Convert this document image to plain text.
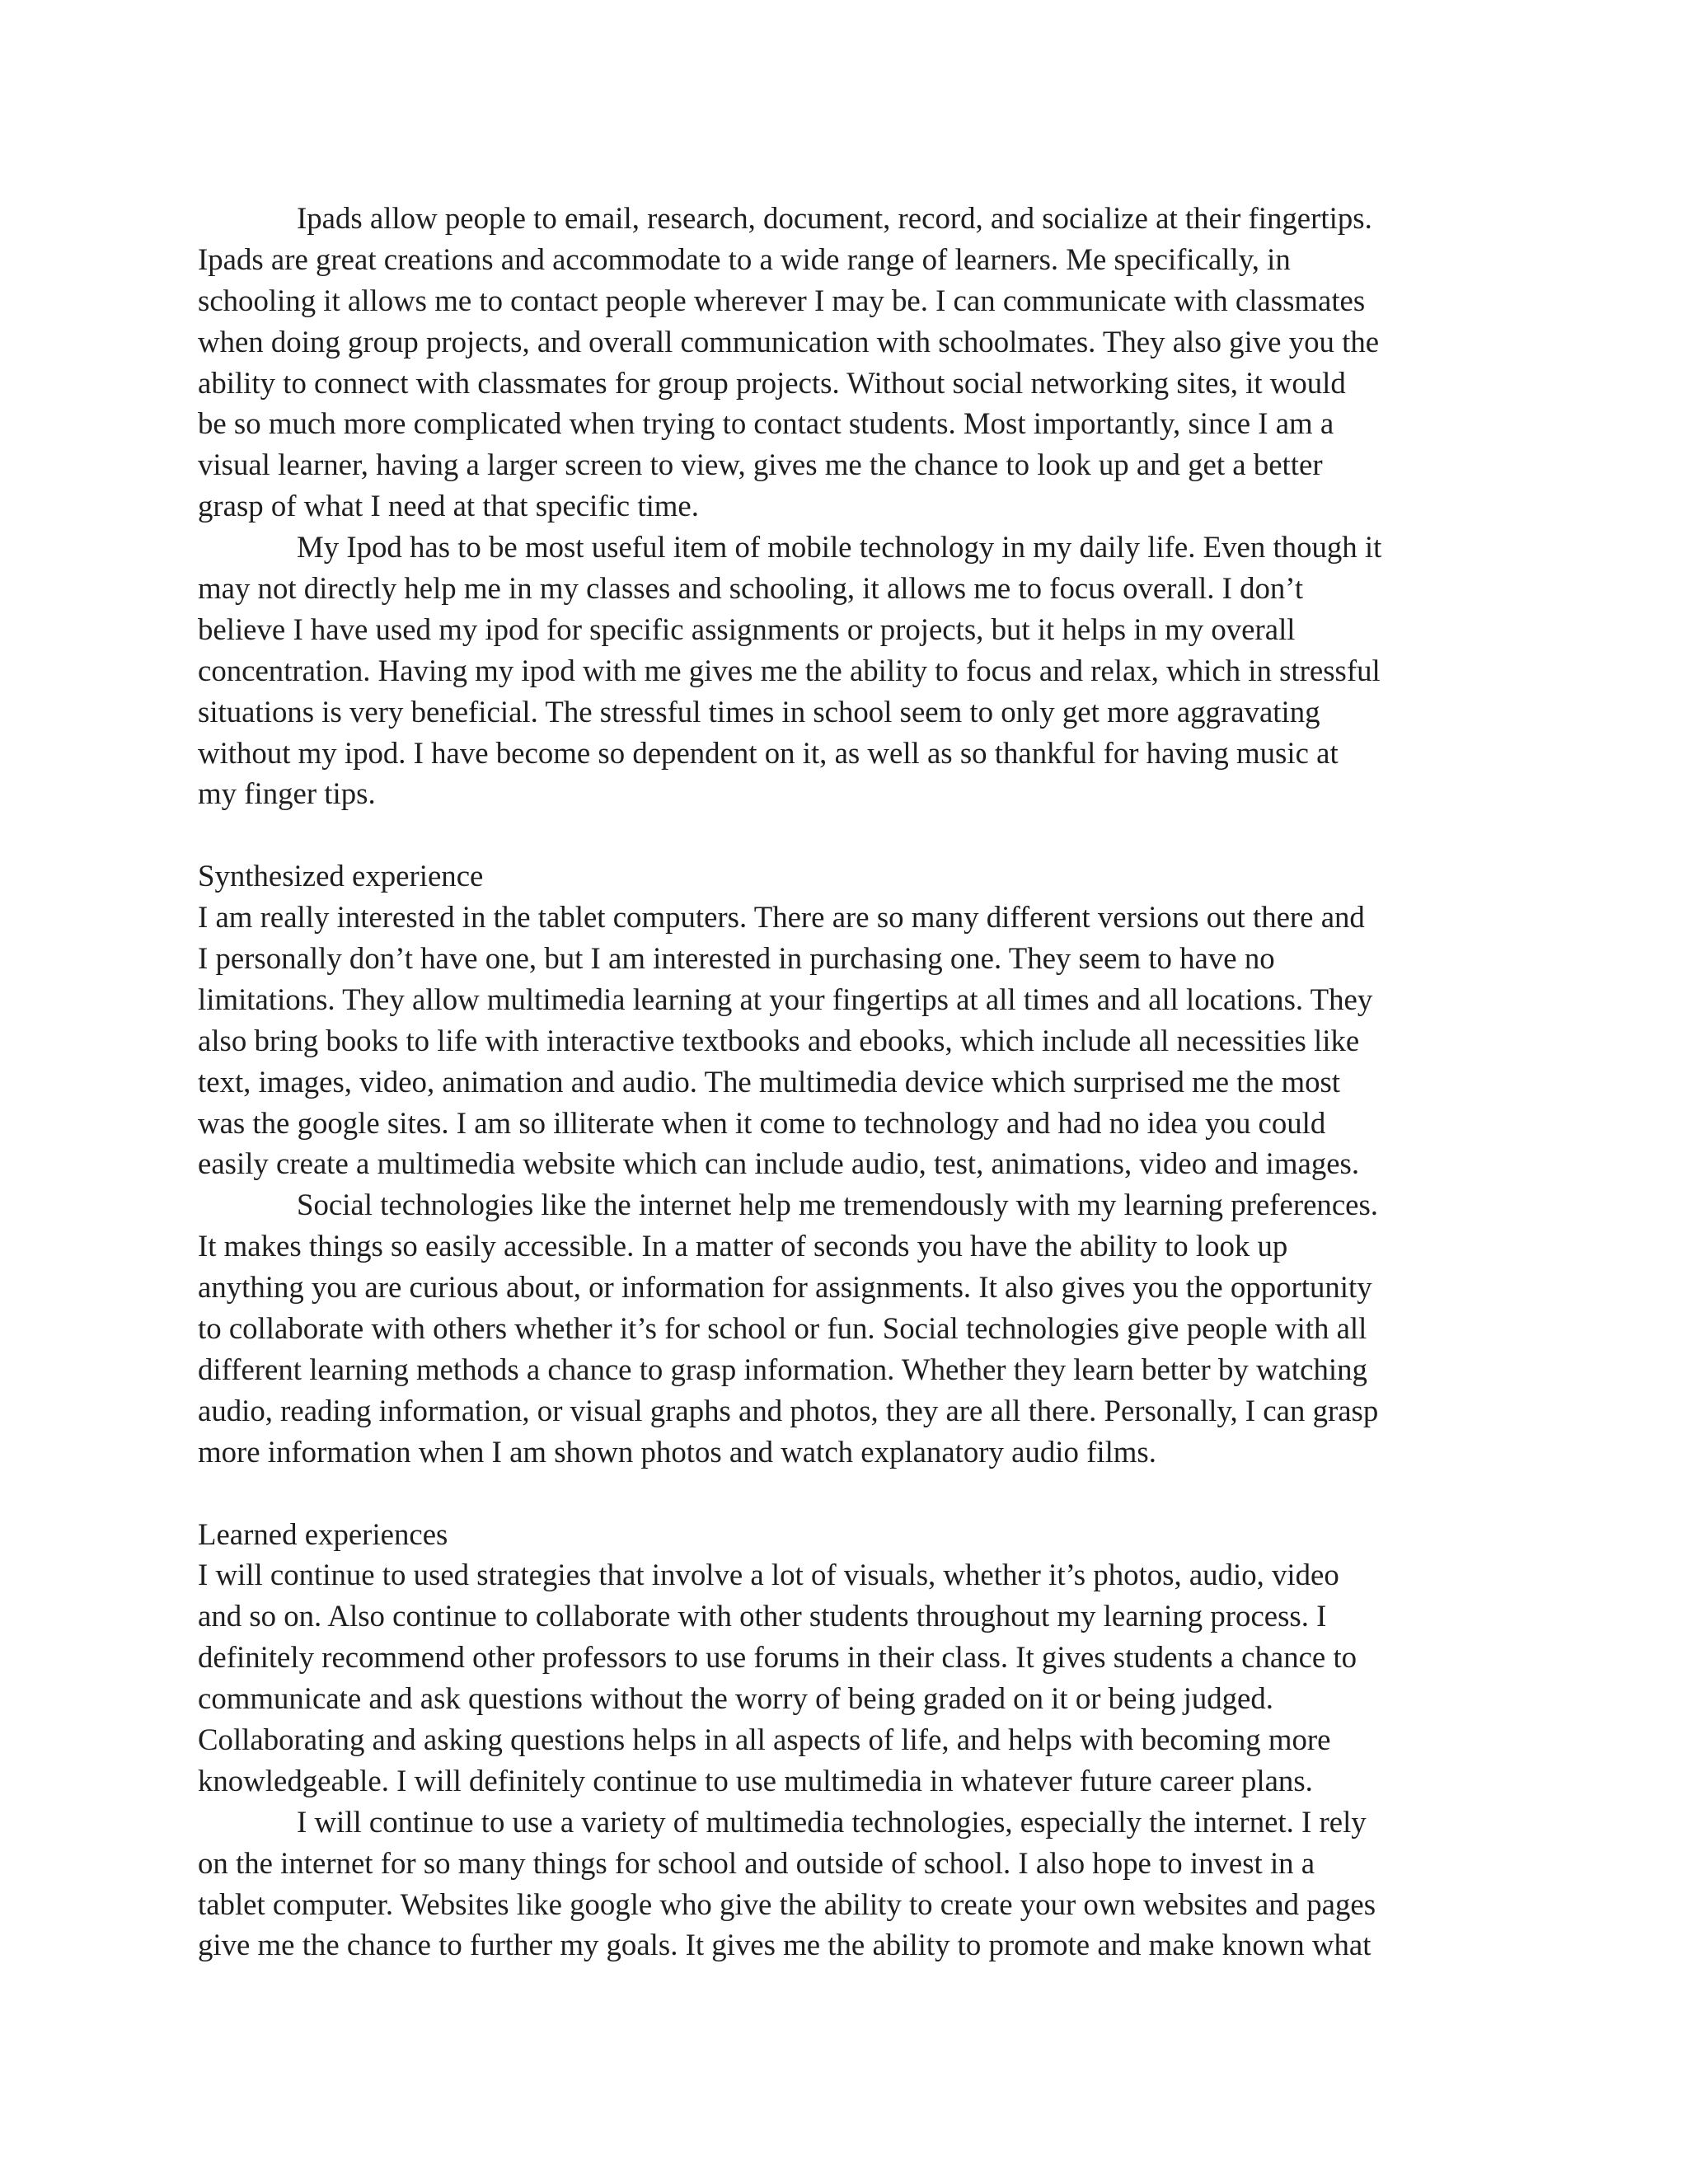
Ipads allow people to email, research, document, record, and socialize at their fingertips.
Ipads are great creations and accommodate to a wide range of learners. Me specifically, in
schooling it allows me to contact people wherever I may be. I can communicate with classmates
when doing group projects, and overall communication with schoolmates. They also give you the
ability to connect with classmates for group projects. Without social networking sites, it would
be so much more complicated when trying to contact students. Most importantly, since I am a
visual learner, having a larger screen to view, gives me the chance to look up and get a better
grasp of what I need at that specific time.
My Ipod has to be most useful item of mobile technology in my daily life. Even though it
may not directly help me in my classes and schooling, it allows me to focus overall. I don’t
believe I have used my ipod for specific assignments or projects, but it helps in my overall
concentration. Having my ipod with me gives me the ability to focus and relax, which in stressful
situations is very beneficial. The stressful times in school seem to only get more aggravating
without my ipod. I have become so dependent on it, as well as so thankful for having music at
my finger tips.
Synthesized experience
I am really interested in the tablet computers. There are so many different versions out there and
I personally don’t have one, but I am interested in purchasing one. They seem to have no
limitations. They allow multimedia learning at your fingertips at all times and all locations. They
also bring books to life with interactive textbooks and ebooks, which include all necessities like
text, images, video, animation and audio. The multimedia device which surprised me the most
was the google sites. I am so illiterate when it come to technology and had no idea you could
easily create a multimedia website which can include audio, test, animations, video and images.
Social technologies like the internet help me tremendously with my learning preferences.
It makes things so easily accessible. In a matter of seconds you have the ability to look up
anything you are curious about, or information for assignments. It also gives you the opportunity
to collaborate with others whether it’s for school or fun. Social technologies give people with all
different learning methods a chance to grasp information. Whether they learn better by watching
audio, reading information, or visual graphs and photos, they are all there. Personally, I can grasp
more information when I am shown photos and watch explanatory audio films.
Learned experiences
I will continue to used strategies that involve a lot of visuals, whether it’s photos, audio, video
and so on. Also continue to collaborate with other students throughout my learning process. I
definitely recommend other professors to use forums in their class. It gives students a chance to
communicate and ask questions without the worry of being graded on it or being judged.
Collaborating and asking questions helps in all aspects of life, and helps with becoming more
knowledgeable. I will definitely continue to use multimedia in whatever future career plans.
I will continue to use a variety of multimedia technologies, especially the internet. I rely
on the internet for so many things for school and outside of school. I also hope to invest in a
tablet computer. Websites like google who give the ability to create your own websites and pages
give me the chance to further my goals. It gives me the ability to promote and make known what
